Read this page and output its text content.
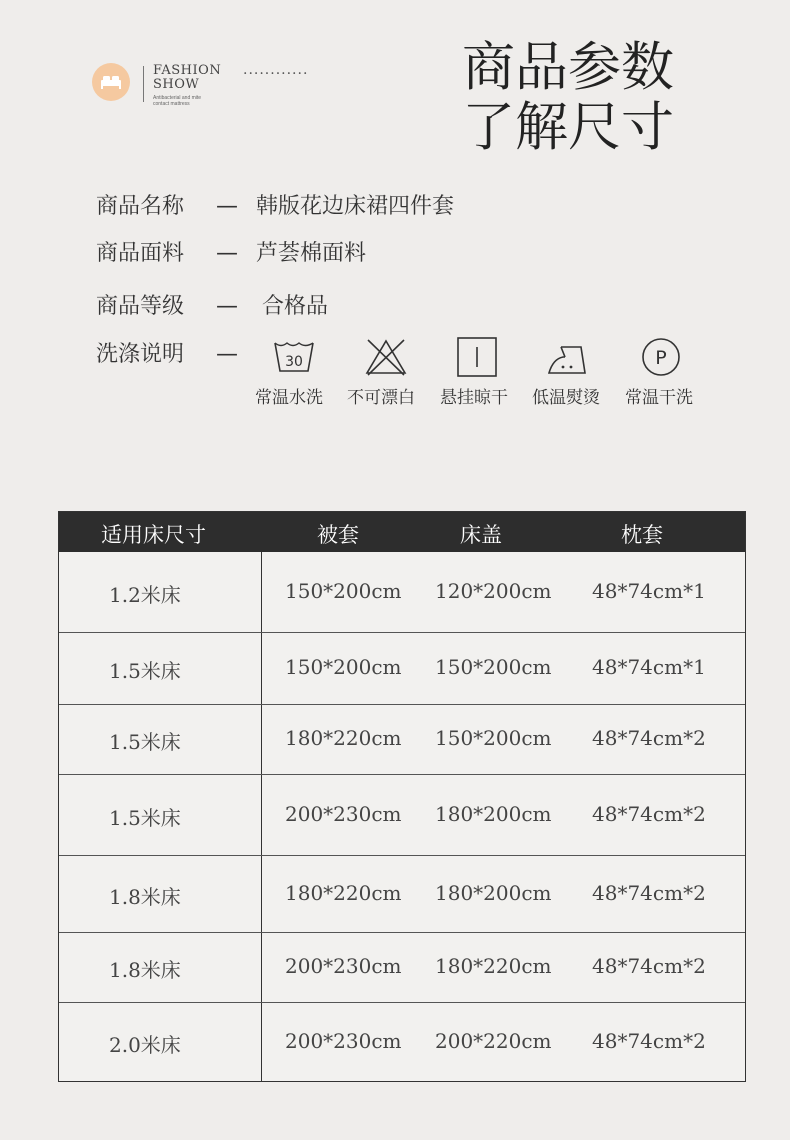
FASHION
SHOW
Antibacterial and mite
contact mattress
............	商品参数
了解尺寸
商品名称 — 韩版花边床裙四件套
商品面料 — 芦荟棉面料
商品等级 — 合格品
洗涤说明 —	30	P
常温水洗 不可漂白 悬挂晾干 低温熨烫 常温干洗
适用床尺寸	被套	床盖	枕套
1.2米床	150*200cm 120*200cm 48*74cm*1
1.5米床	150*200cm 150*200cm 48*74cm*1
1.5米床	180*220cm 150*200cm 48*74cm*2
1.5米床	200*230cm 180*200cm 48*74cm*2
1.8米床	180*220cm 180*200cm 48*74cm*2
1.8米床	200*230cm 180*220cm 48*74cm*2
2.0米床	200*230cm 200*220cm 48*74cm*2
